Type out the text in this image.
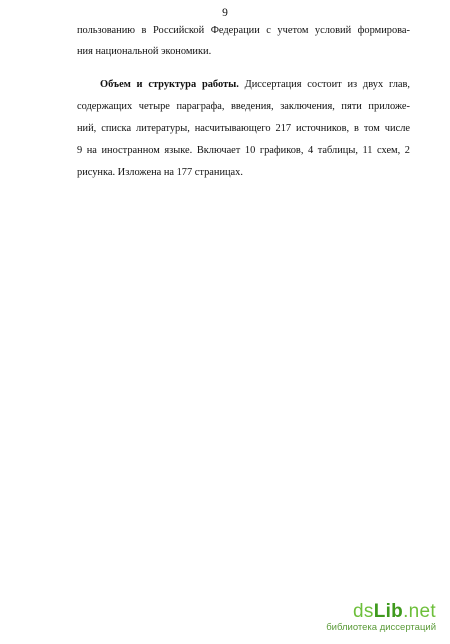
9
пользованию в Российской Федерации с учетом условий формирова-
ния национальной экономики.
Объем и структура работы. Диссертация состоит из двух глав,
содержащих четыре параграфа, введения, заключения, пяти приложе-
ний, списка литературы, насчитывающего 217 источников, в том числе
9 на иностранном языке. Включает 10 графиков, 4 таблицы, 11 схем, 2
рисунка. Изложена на 177 страницах.
dsLib.net
библиотека диссертаций
